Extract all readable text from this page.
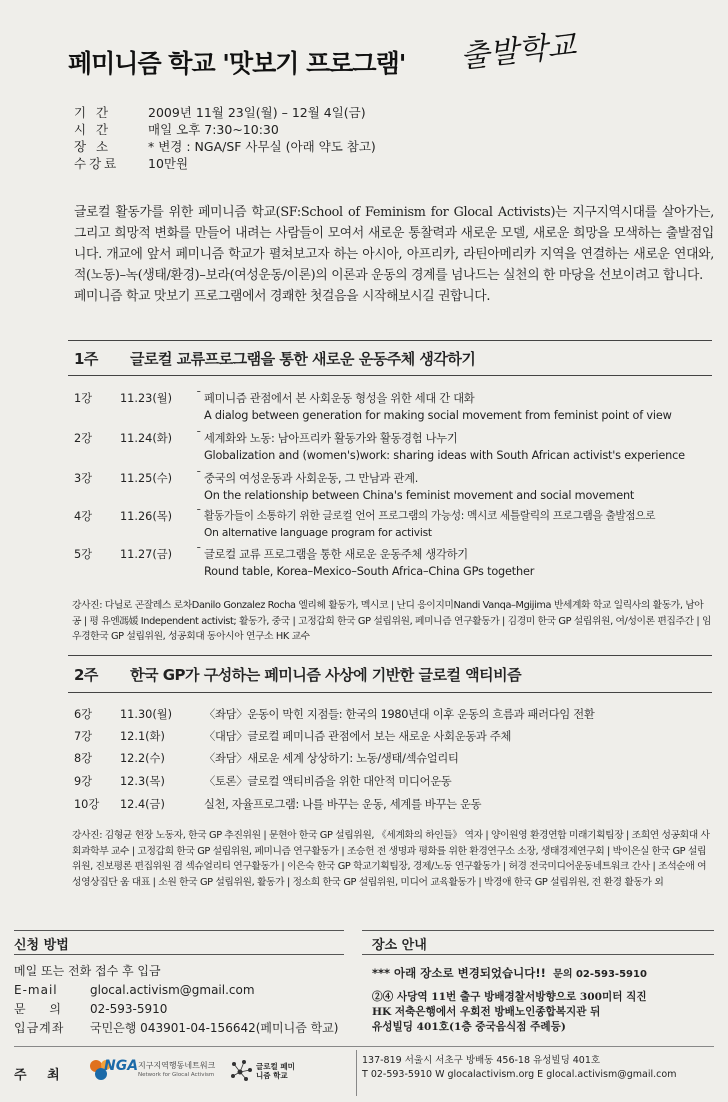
페미니즘 학교 '맛보기 프로그램' 출발학교
기 간	2009년 11월 23일(월) – 12월 4일(금)
시 간	매일 오후 7:30~10:30
장 소	* 변경 : NGA/SF 사무실 (아래 약도 참고)
수강료	10만원
글로컬 활동가를 위한 페미니즘 학교(SF:School of Feminism for Glocal Activists)는 지구지역시대를 살아가는, 그리고 희망적 변화를 만들어 내려는 사람들이 모여서 새로운 통찰력과 새로운 모델, 새로운 희망을 모색하는 출발점입니다. 개교에 앞서 페미니즘 학교가 펼쳐보고자 하는 아시아, 아프리카, 라틴아메리카 지역을 연결하는 새로운 연대와, 적(노동)–녹(생태/환경)–보라(여성운동/이론)의 이론과 운동의 경계를 넘나드는 실천의 한 마당을 선보이려고 합니다.
페미니즘 학교 맛보기 프로그램에서 경쾌한 첫걸음을 시작해보시길 권합니다.
1주 글로컬 교류프로그램을 통한 새로운 운동주체 생각하기
1강	11.23(월)	¯ 페미니즘 관점에서 본 사회운동 형성을 위한 세대 간 대화
A dialog between generation for making social movement from feminist point of view
2강	11.24(화)	¯ 세계화와 노동: 남아프리카 활동가와 활동경험 나누기
Globalization and (women's)work: sharing ideas with South African activist's experience
3강	11.25(수)	¯ 중국의 여성운동과 사회운동, 그 만남과 관계.
On the relationship between China's feminist movement and social movement
4강	11.26(목)	¯ 활동가들이 소통하기 위한 글로컬 언어 프로그램의 가능성: 멕시코 세틀랄릭의 프로그램을 출발점으로
On alternative language program for activist
5강	11.27(금)	¯ 글로컬 교류 프로그램을 통한 새로운 운동주체 생각하기
Round table, Korea–Mexico–South Africa–China GPs together
강사진: 다닐로 곤잘레스 로차Danilo Gonzalez Rocha 엘리헤 활동가, 멕시코 | 난디 응이지미Nandi Vanqa–Mgijima 반세계화 학교 일릭사의 활동가, 남아공 | 평 유엔馮媛 Independent activist; 활동가, 중국 | 고정갑희 한국 GP 설립위원, 페미니즘 연구활동가 | 김경미 한국 GP 설립위원, 여/성이론 편집주간 | 임우경한국 GP 설립위원, 성공회대 동아시아 연구소 HK 교수
2주 한국 GP가 구성하는 페미니즘 사상에 기반한 글로컬 액티비즘
6강	11.30(월)	〈좌담〉운동이 막힌 지점들: 한국의 1980년대 이후 운동의 흐름과 패러다임 전환
7강	12.1(화)	〈대담〉글로컬 페미니즘 관점에서 보는 새로운 사회운동과 주체
8강	12.2(수)	〈좌담〉새로운 세계 상상하기: 노동/생태/섹슈얼리티
9강	12.3(목)	〈토론〉글로컬 액티비즘을 위한 대안적 미디어운동
10강	12.4(금)	실천, 자율프로그램: 나를 바꾸는 운동, 세계를 바꾸는 운동
강사진: 김형균 현장 노동자, 한국 GP 추진위원 | 문현아 한국 GP 설립위원, 《세계화의 하인들》 역자 | 양이원영 환경연합 미래기획팀장 | 조희연 성공회대 사회과학부 교수 | 고정갑희 한국 GP 설립위원, 페미니즘 연구활동가 | 조승헌 전 생명과 평화를 위한 환경연구소 소장, 생태경제연구회 | 박이은실 한국 GP 설립위원, 진보평론 편집위원 겸 섹슈얼리티 연구활동가 | 이은숙 한국 GP 학교기획팀장, 경제/노동 연구활동가 | 허경 전국미디어운동네트워크 간사 | 조석순애 여성영상집단 움 대표 | 소원 한국 GP 설립위원, 활동가 | 정소희 한국 GP 설립위원, 미디어 교육활동가 | 박경애 한국 GP 설립위원, 전 환경 활동가 외
신청 방법
메일 또는 전화 접수 후 입금
E-mail	glocal.activism@gmail.com
문 의	02-593-5910
입금계좌	국민은행 043901-04-156642(페미니즘 학교)
장소 안내
*** 아래 장소로 변경되었습니다!! 문의 02-593-5910
②④ 사당역 11번 출구 방배경찰서방향으로 300미터 직진
HK 저축은행에서 우회전 방배노인종합복지관 뒤
유성빌딩 401호(1층 중국음식점 주례등)
주 최
NGA 지구지역행동네트워크
Network for Glocal Activism
글로컬 페미니즘 학교
137-819 서울시 서초구 방배동 456-18 유성빌딩 401호
T 02-593-5910 W glocalactivism.org E glocal.activism@gmail.com
